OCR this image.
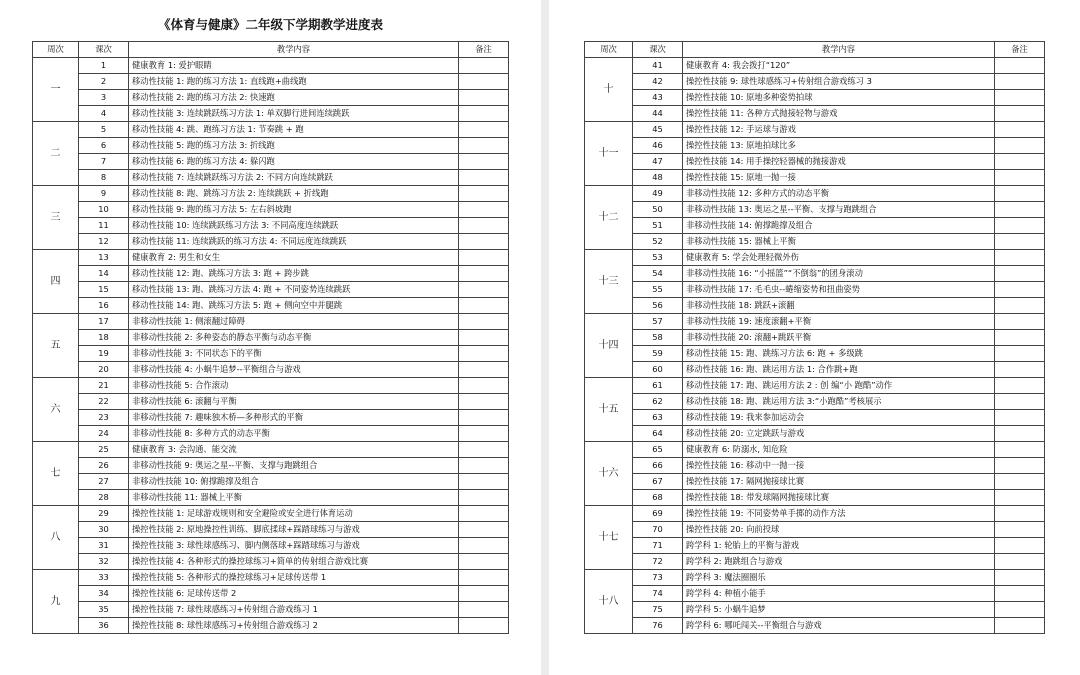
《体育与健康》二年级下学期教学进度表
周次	课次	教学内容	备注
一	1	健康教育 1: 爱护眼睛	
	2	移动性技能 1: 跑的练习方法 1: 直线跑+曲线跑	
	3	移动性技能 2: 跑的练习方法 2: 快速跑	
	4	移动性技能 3: 连续跳跃练习方法 1: 单双脚行进间连续跳跃	
二	5	移动性技能 4: 跳、跑练习方法 1: 节奏跳 + 跑	
	6	移动性技能 5: 跑的练习方法 3: 折线跑	
	7	移动性技能 6: 跑的练习方法 4: 躲闪跑	
	8	移动性技能 7: 连续跳跃练习方法 2: 不同方向连续跳跃	
三	9	移动性技能 8: 跑、跳练习方法 2: 连续跳跃 + 折线跑	
	10	移动性技能 9: 跑的练习方法 5: 左右斜坡跑	
	11	移动性技能 10: 连续跳跃练习方法 3: 不同高度连续跳跃	
	12	移动性技能 11: 连续跳跃的练习方法 4: 不同远度连续跳跃	
四	13	健康教育 2: 男生和女生	
	14	移动性技能 12: 跑、跳练习方法 3: 跑 + 跨步跳	
	15	移动性技能 13: 跑、跳练习方法 4: 跑 + 不同姿势连续跳跃	
	16	移动性技能 14: 跑、跳练习方法 5: 跑 + 侧向空中并腿跳	
五	17	非移动性技能 1: 侧滚翻过障碍	
	18	非移动性技能 2: 多种姿态的静态平衡与动态平衡	
	19	非移动性技能 3: 不同状态下的平衡	
	20	非移动性技能 4: 小蜗牛追梦--平衡组合与游戏	
六	21	非移动性技能 5: 合作滚动	
	22	非移动性技能 6: 滚翻与平衡	
	23	非移动性技能 7: 趣味独木桥—多种形式的平衡	
	24	非移动性技能 8: 多种方式的动态平衡	
七	25	健康教育 3: 会沟通、能交流	
	26	非移动性技能 9: 奥运之星--平衡、支撑与跑跳组合	
	27	非移动性技能 10: 俯撑跪撑及组合	
	28	非移动性技能 11: 器械上平衡	
八	29	操控性技能 1: 足球游戏规则和安全避险或安全进行体育运动	
	30	操控性技能 2: 原地操控性训练、脚底揉球+踩踏球练习与游戏	
	31	操控性技能 3: 球性球感练习、脚内侧落球+踩踏球练习与游戏	
	32	操控性技能 4: 各种形式的操控球练习+简单的传射组合游戏比赛	
九	33	操控性技能 5: 各种形式的操控球练习+足球传送带 1	
	34	操控性技能 6: 足球传送带 2	
	35	操控性技能 7: 球性球感练习+传射组合游戏练习 1	
	36	操控性技能 8: 球性球感练习+传射组合游戏练习 2	
周次	课次	教学内容	备注
十	41	健康教育 4: 我会拨打“120”	
	42	操控性技能 9: 球性球感练习+传射组合游戏练习 3	
	43	操控性技能 10: 原地多种姿势拍球	
	44	操控性技能 11: 各种方式抛接轻物与游戏	
十一	45	操控性技能 12: 手运球与游戏	
	46	操控性技能 13: 原地拍球比多	
	47	操控性技能 14: 用手操控轻器械的抛接游戏	
	48	操控性技能 15: 原地一抛一接	
十二	49	非移动性技能 12: 多种方式的动态平衡	
	50	非移动性技能 13: 奥运之星--平衡、支撑与跑跳组合	
	51	非移动性技能 14: 俯撑跪撑及组合	
	52	非移动性技能 15: 器械上平衡	
十三	53	健康教育 5: 学会处理轻微外伤	
	54	非移动性技能 16: “小摇篮”“不倒翁”的团身滚动	
	55	非移动性技能 17: 毛毛虫--蜷缩姿势和扭曲姿势	
	56	非移动性技能 18: 跳跃+滚翻	
十四	57	非移动性技能 19: 速度滚翻+平衡	
	58	非移动性技能 20: 滚翻+跳跃平衡	
	59	移动性技能 15: 跑、跳练习方法 6: 跑 + 多级跳	
	60	移动性技能 16: 跑、跳运用方法 1: 合作跳+跑	
十五	61	移动性技能 17: 跑、跳运用方法 2 : 创 编“小 跑酷”动作	
	62	移动性技能 18: 跑、跳运用方法 3:“小跑酷”考核展示	
	63	移动性技能 19: 我来参加运动会	
	64	移动性技能 20: 立定跳跃与游戏	
十六	65	健康教育 6: 防溺水, 知危险	
	66	操控性技能 16: 移动中一抛一接	
	67	操控性技能 17: 隔网抛接球比赛	
	68	操控性技能 18: 带发球隔网抛接球比赛	
十七	69	操控性技能 19: 不同姿势单手掷的动作方法	
	70	操控性技能 20: 向前投球	
	71	跨学科 1: 轮胎上的平衡与游戏	
	72	跨学科 2: 跑跳组合与游戏	
十八	73	跨学科 3: 魔法圈圈乐	
	74	跨学科 4: 种植小能手	
	75	跨学科 5: 小蜗牛追梦	
	76	跨学科 6: 哪吒闯关--平衡组合与游戏	
